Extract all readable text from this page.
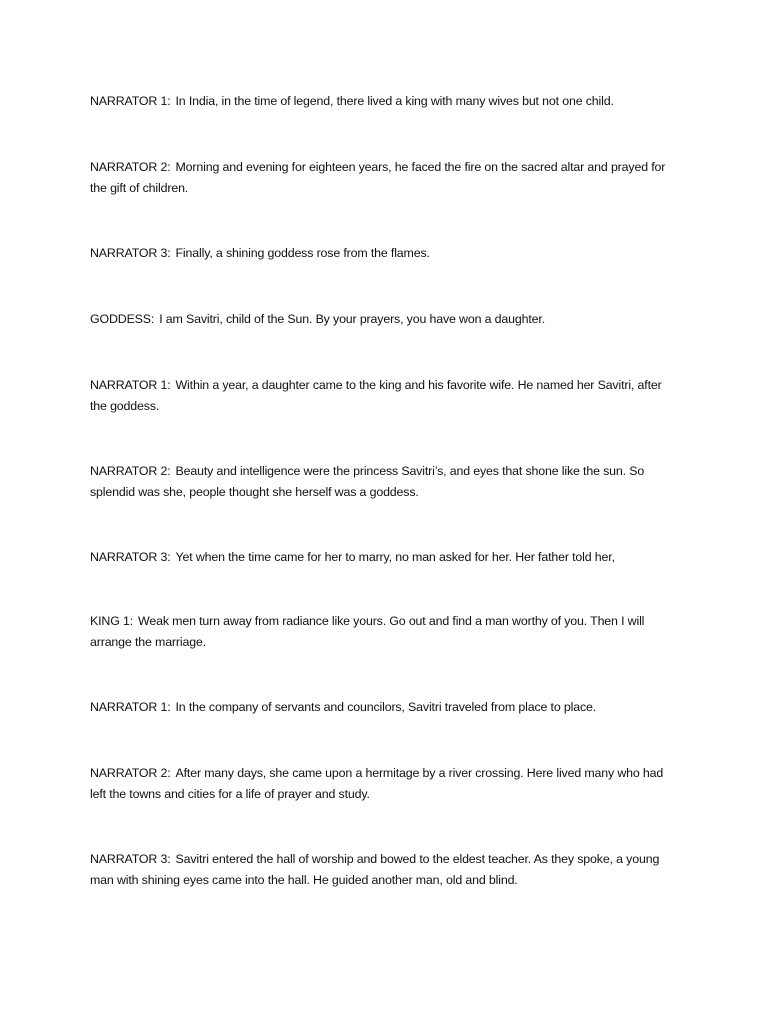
NARRATOR 1: In India, in the time of legend, there lived a king with many wives but not one child.

NARRATOR 2: Morning and evening for eighteen years, he faced the fire on the sacred altar and prayed for the gift of children.

NARRATOR 3: Finally, a shining goddess rose from the flames.

GODDESS: I am Savitri, child of the Sun. By your prayers, you have won a daughter.

NARRATOR 1: Within a year, a daughter came to the king and his favorite wife. He named her Savitri, after the goddess.

NARRATOR 2: Beauty and intelligence were the princess Savitri’s, and eyes that shone like the sun. So splendid was she, people thought she herself was a goddess.

NARRATOR 3: Yet when the time came for her to marry, no man asked for her. Her father told her,

KING 1: Weak men turn away from radiance like yours. Go out and find a man worthy of you. Then I will arrange the marriage.

NARRATOR 1: In the company of servants and councilors, Savitri traveled from place to place.

NARRATOR 2: After many days, she came upon a hermitage by a river crossing. Here lived many who had left the towns and cities for a life of prayer and study.

NARRATOR 3: Savitri entered the hall of worship and bowed to the eldest teacher. As they spoke, a young man with shining eyes came into the hall. He guided another man, old and blind.
